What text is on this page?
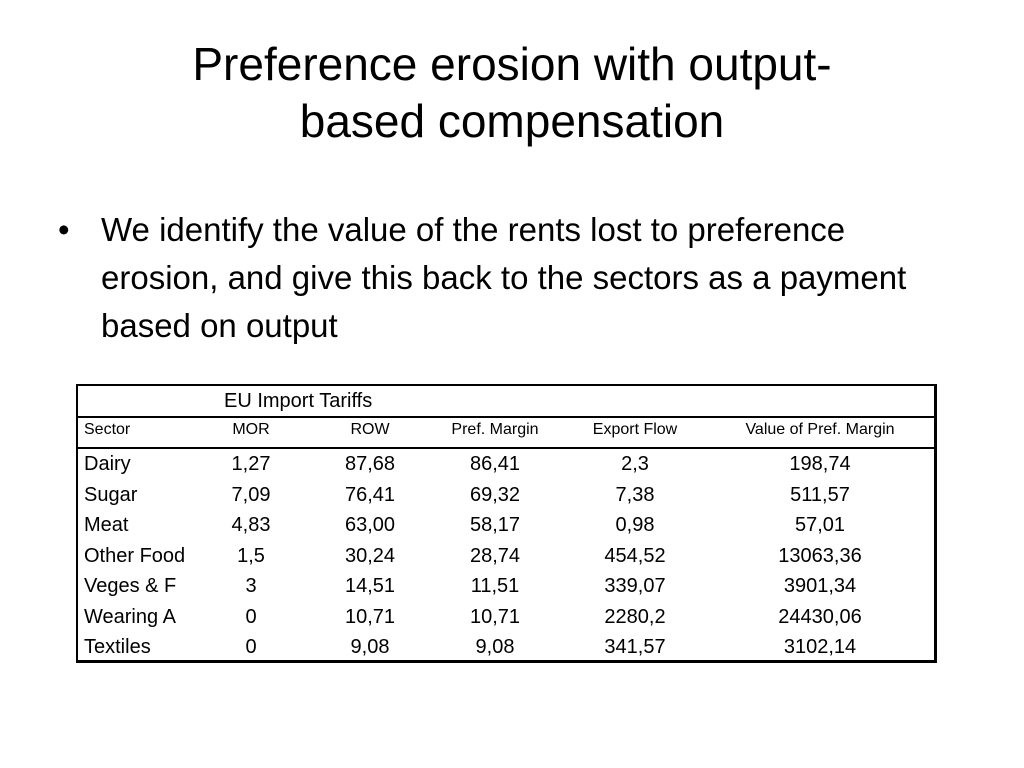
Preference erosion with output-
based compensation
• We identify the value of the rents lost to preference erosion, and give this back to the sectors as a payment based on output
EU Import Tariffs
Sector	MOR	ROW	Pref. Margin	Export Flow	Value of Pref. Margin
Dairy	1,27	87,68	86,41	2,3	198,74
Sugar	7,09	76,41	69,32	7,38	511,57
Meat	4,83	63,00	58,17	0,98	57,01
Other Food	1,5	30,24	28,74	454,52	13063,36
Veges & F	3	14,51	11,51	339,07	3901,34
Wearing A	0	10,71	10,71	2280,2	24430,06
Textiles	0	9,08	9,08	341,57	3102,14
